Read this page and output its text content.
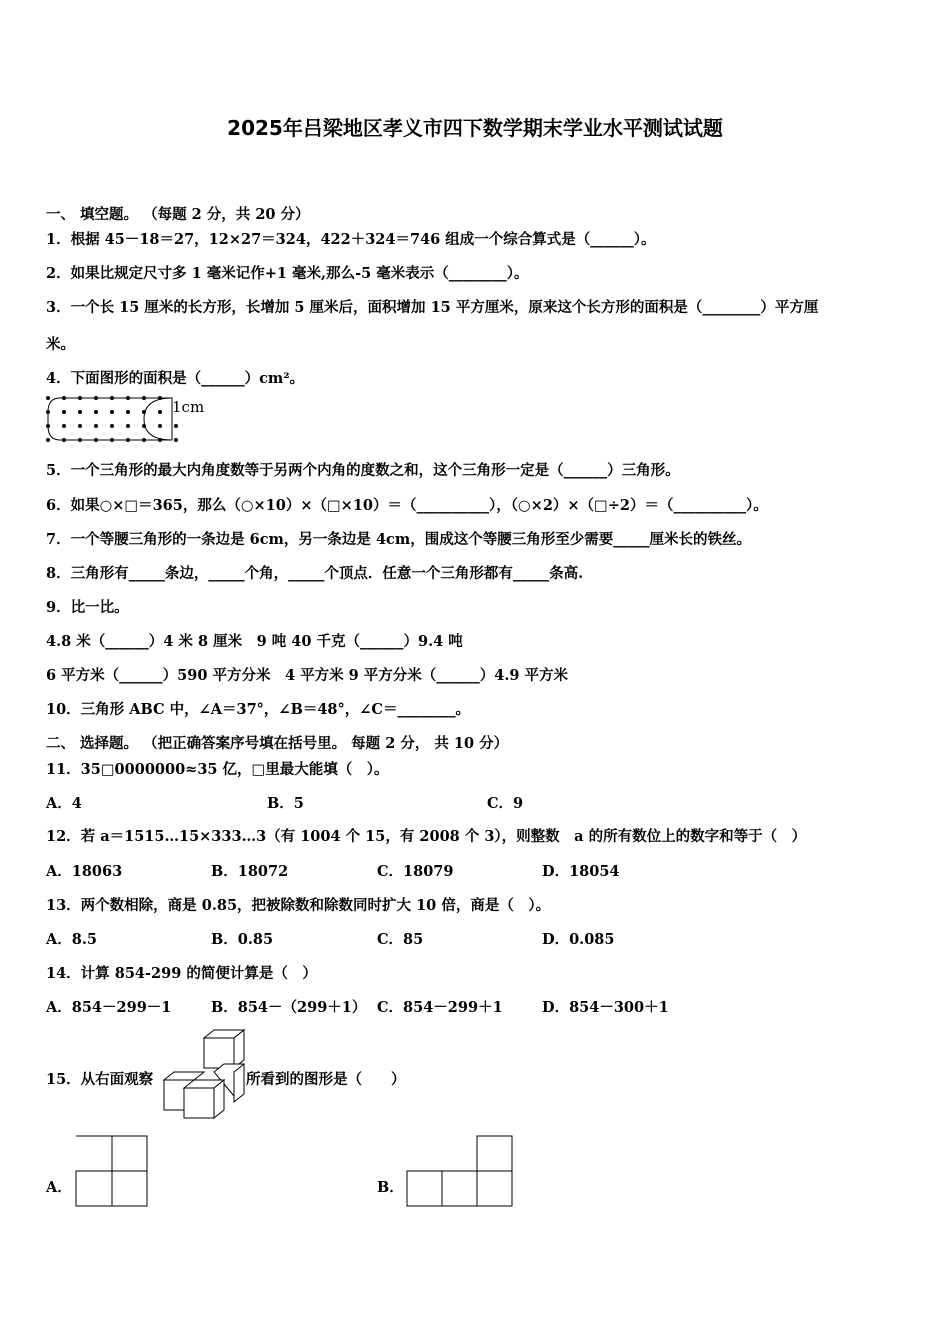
2025年吕梁地区孝义市四下数学期末学业水平测试试题
一、 填空题。 （每题 2 分，共 20 分）
1．根据 45－18＝27，12×27＝324，422＋324＝746 组成一个综合算式是（______）。
2．如果比规定尺寸多 1 毫米记作+1 毫米,那么-5 毫米表示（________）。
3．一个长 15 厘米的长方形，长增加 5 厘米后，面积增加 15 平方厘米，原来这个长方形的面积是（________）平方厘
米。
4．下面图形的面积是（______）cm²。
1cm
5．一个三角形的最大内角度数等于另两个内角的度数之和，这个三角形一定是（______）三角形。
6．如果○×□＝365，那么（○×10）×（□×10）＝（__________），（○×2）×（□÷2）＝（__________）。
7．一个等腰三角形的一条边是 6cm，另一条边是 4cm，围成这个等腰三角形至少需要_____厘米长的铁丝。
8．三角形有_____条边，_____个角，_____个顶点．任意一个三角形都有_____条高.
9．比一比。
4.8 米（______）4 米 8 厘米　9 吨 40 千克（______）9.4 吨
6 平方米（______）590 平方分米　4 平方米 9 平方分米（______）4.9 平方米
10．三角形 ABC 中，∠A＝37°，∠B＝48°，∠C＝________。
二、 选择题。 （把正确答案序号填在括号里。 每题 2 分， 共 10 分）
11．35□0000000≈35 亿，□里最大能填（　）。
A．4	B．5	C．9
12．若 a＝1515…15×333…3（有 1004 个 15，有 2008 个 3），则整数　a 的所有数位上的数字和等于（　）
A．18063	B．18072	C．18079	D．18054
13．两个数相除，商是 0.85，把被除数和除数同时扩大 10 倍，商是（　）。
A．8.5	B．0.85	C．85	D．0.085
14．计算 854-299 的简便计算是（　）
A．854－299－1	B．854－（299＋1） C．854－299＋1	D．854－300＋1
15．从右面观察	所看到的图形是（　　）
A．	B．
